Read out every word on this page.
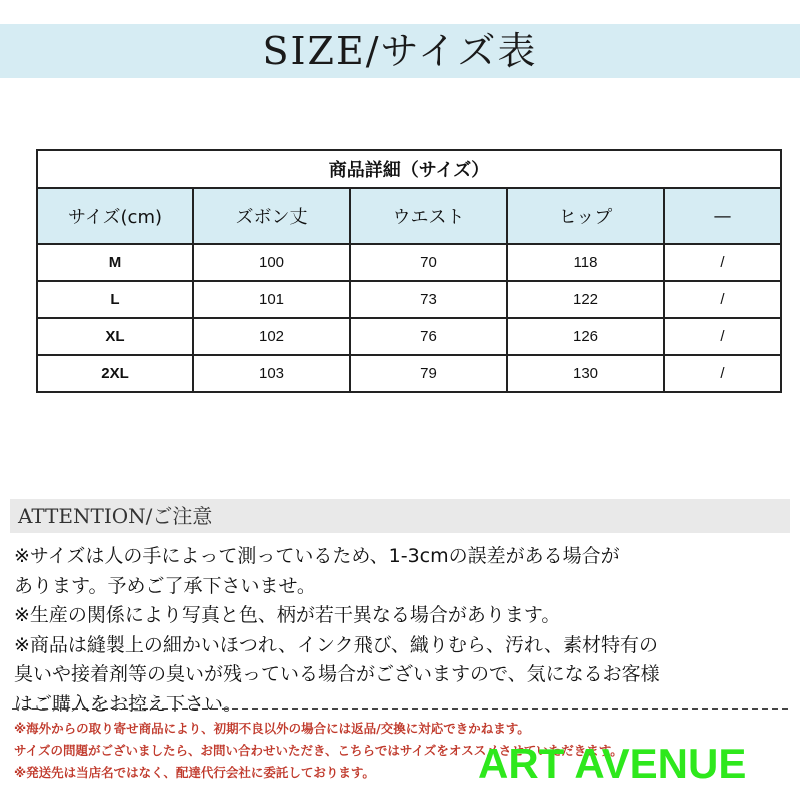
SIZE/サイズ表
商品詳細（サイズ）				
サイズ(cm)	ズボン丈	ウエスト	ヒップ	—
M	100	70	118	/
L	101	73	122	/
XL	102	76	126	/
2XL	103	79	130	/
ATTENTION/ご注意
※サイズは人の手によって測っているため、1-3cmの誤差がある場合が
あります。予めご了承下さいませ。
※生産の関係により写真と色、柄が若干異なる場合があります。
※商品は縫製上の細かいほつれ、インク飛び、織りむら、汚れ、素材特有の
臭いや接着剤等の臭いが残っている場合がございますので、気になるお客様
はご購入をお控え下さい。
※海外からの取り寄せ商品により、初期不良以外の場合には返品/交換に対応できかねます。
サイズの問題がございましたら、お問い合わせいただき、こちらではサイズをオススメさせていただきます。
※発送先は当店名ではなく、配達代行会社に委託しております。	ART AVENUE
